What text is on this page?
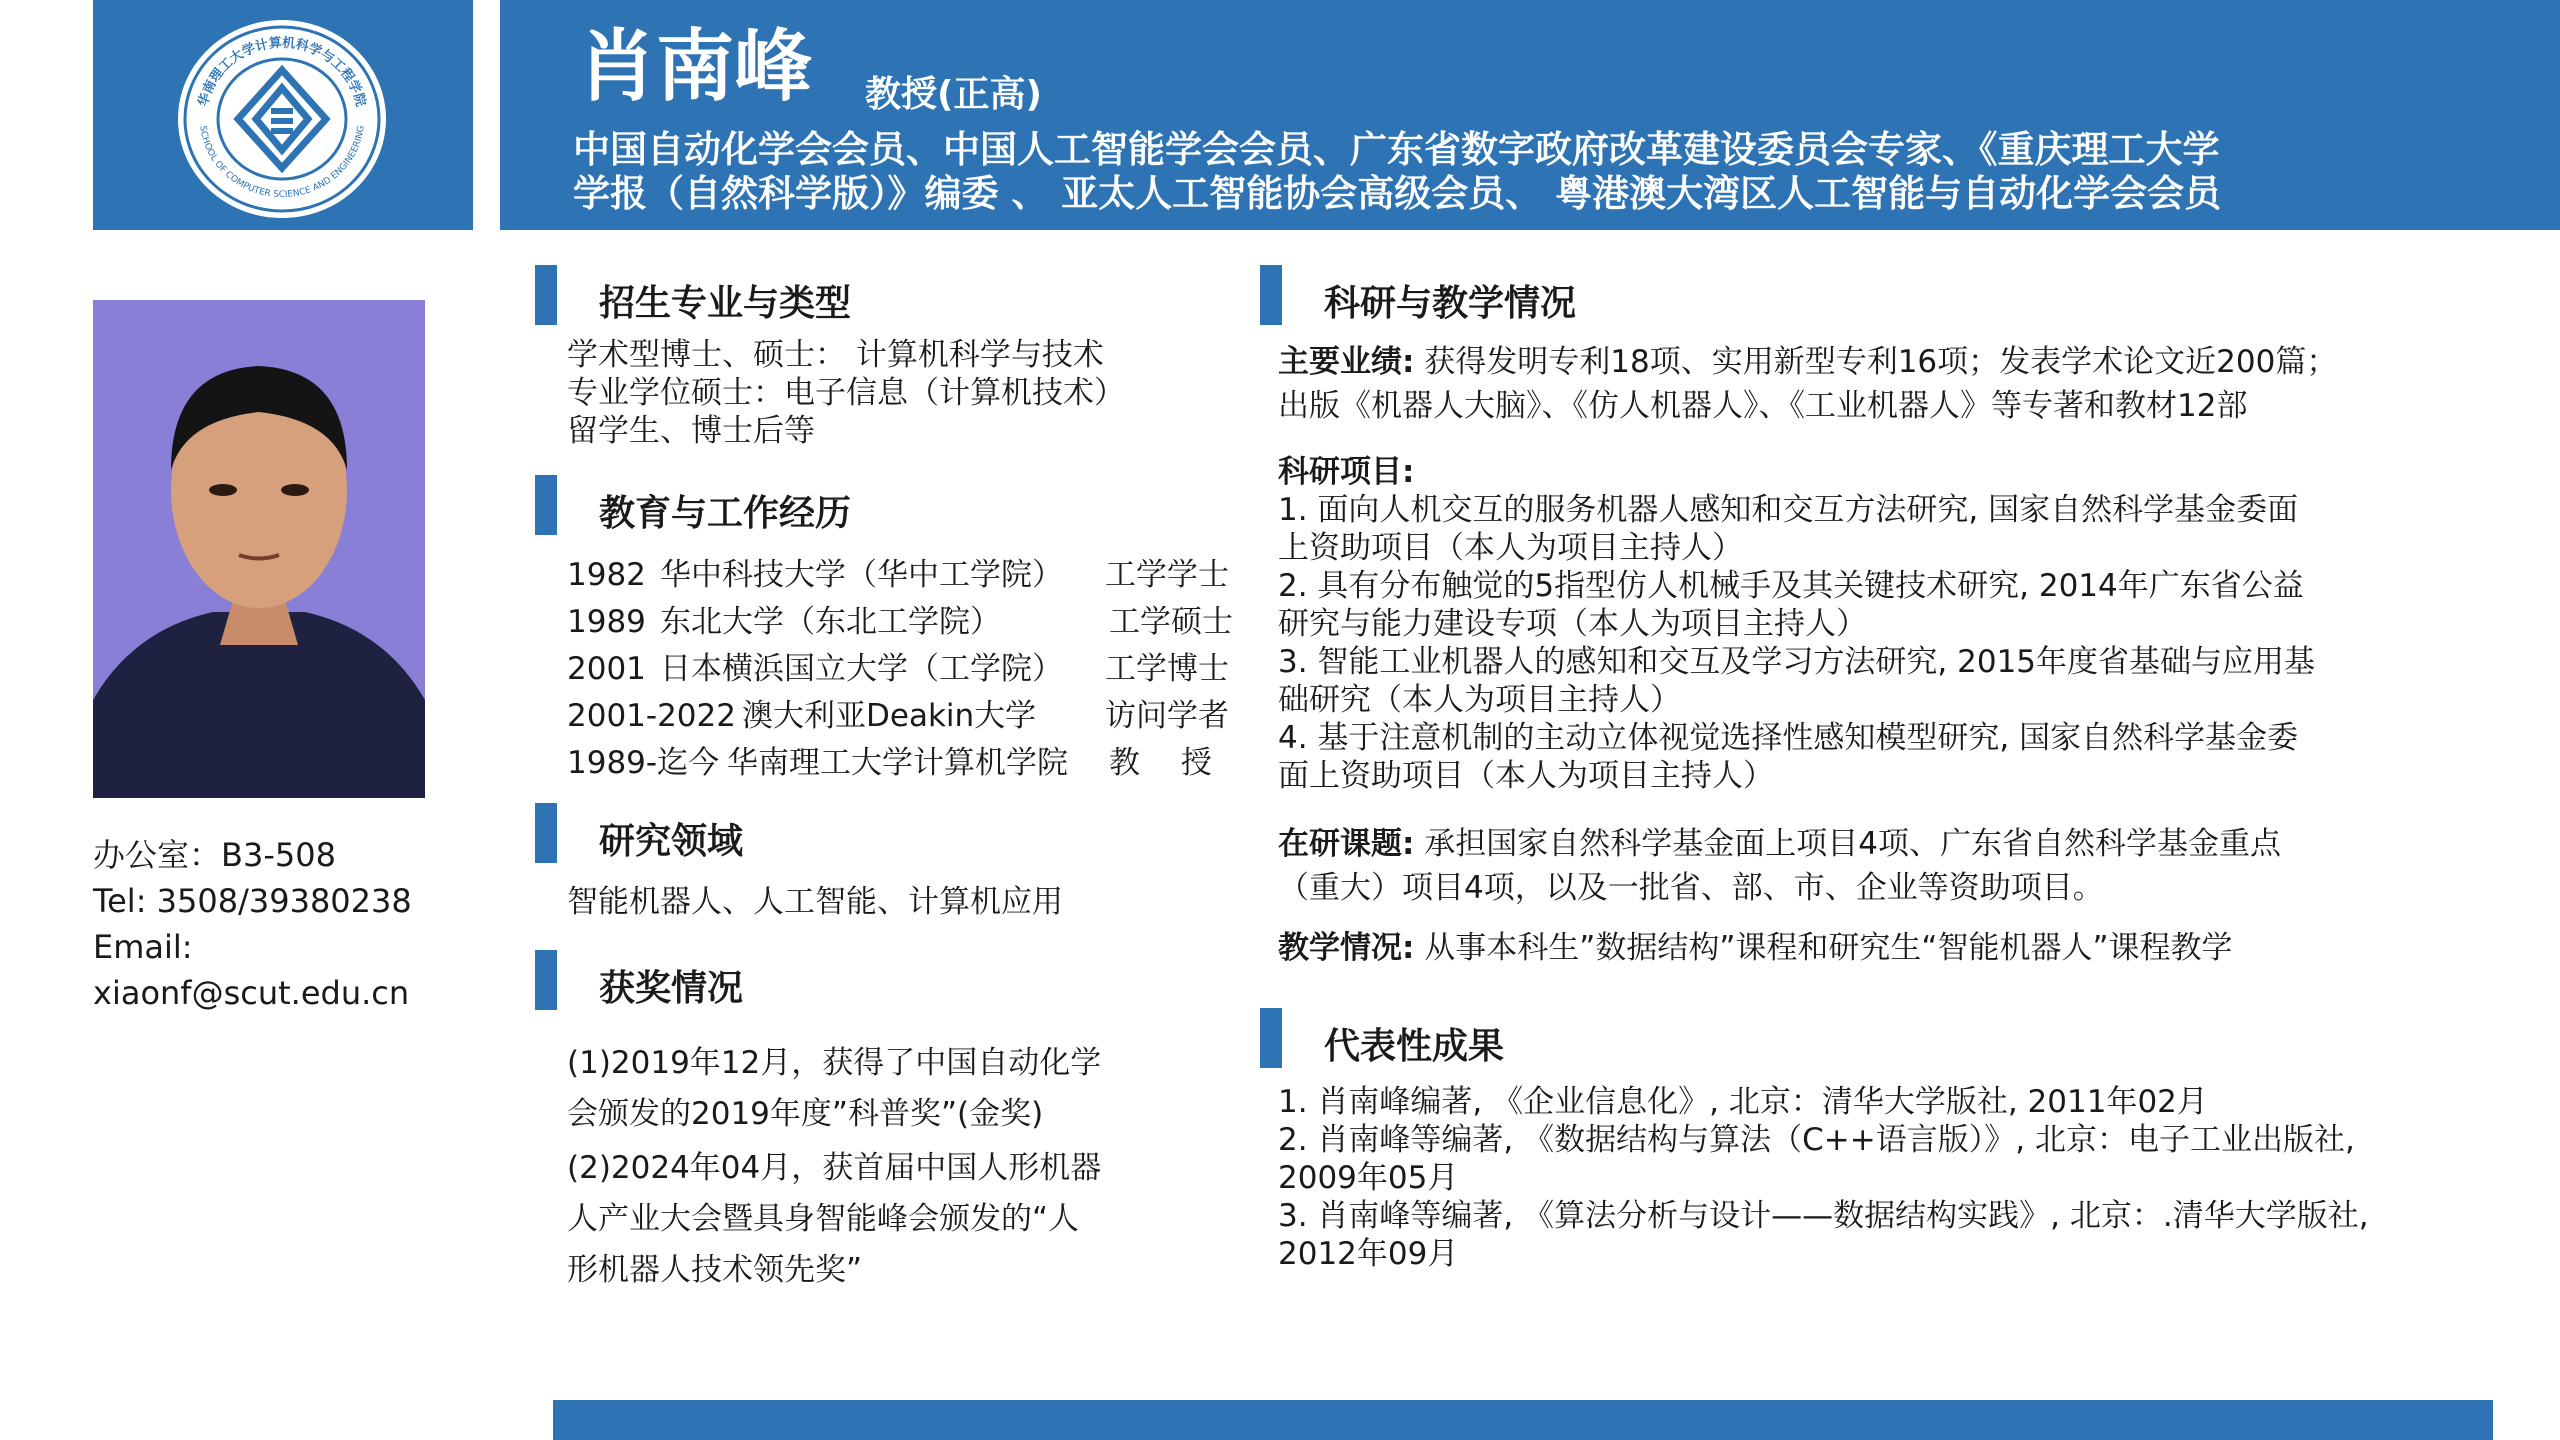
华南理工大学计算机科学与工程学院
SCHOOL OF COMPUTER SCIENCE AND ENGINEERING
肖南峰 教授(正高)
中国自动化学会会员、中国人工智能学会会员、广东省数字政府改革建设委员会专家、《重庆理工大学
学报（自然科学版）》编委 、 亚太人工智能协会高级会员、 粤港澳大湾区人工智能与自动化学会会员
办公室：B3-508
Tel: 3508/39380238
Email:
xiaonf@scut.edu.cn
招生专业与类型
学术型博士、硕士： 计算机科学与技术
专业学位硕士：电子信息（计算机技术）
留学生、博士后等
教育与工作经历
1982 华中科技大学（华中工学院） 工学学士
1989 东北大学（东北工学院）	工学硕士
2001 日本横浜国立大学（工学院） 工学博士
2001-2022 澳大利亚Deakin大学 访问学者
1989-迄今 华南理工大学计算机学院 教　 授
研究领域
智能机器人、人工智能、计算机应用
获奖情况
(1)2019年12月，获得了中国自动化学
会颁发的2019年度”科普奖”(金奖)
(2)2024年04月，获首届中国人形机器
人产业大会暨具身智能峰会颁发的“人
形机器人技术领先奖”
科研与教学情况
主要业绩: 获得发明专利18项、实用新型专利16项；发表学术论文近200篇；
出版《机器人大脑》、《仿人机器人》、《工业机器人》等专著和教材12部
科研项目:
1. 面向人机交互的服务机器人感知和交互方法研究, 国家自然科学基金委面
上资助项目（本人为项目主持人）
2. 具有分布触觉的5指型仿人机械手及其关键技术研究, 2014年广东省公益
研究与能力建设专项（本人为项目主持人）
3. 智能工业机器人的感知和交互及学习方法研究, 2015年度省基础与应用基
础研究（本人为项目主持人）
4. 基于注意机制的主动立体视觉选择性感知模型研究, 国家自然科学基金委
面上资助项目（本人为项目主持人）
在研课题: 承担国家自然科学基金面上项目4项、广东省自然科学基金重点
（重大）项目4项，以及一批省、部、市、企业等资助项目。
教学情况: 从事本科生”数据结构”课程和研究生“智能机器人”课程教学
代表性成果
1. 肖南峰编著, 《企业信息化》, 北京：清华大学版社, 2011年02月
2. 肖南峰等编著, 《数据结构与算法（C++语言版）》, 北京：电子工业出版社,
2009年05月
3. 肖南峰等编著, 《算法分析与设计——数据结构实践》, 北京：.清华大学版社,
2012年09月
